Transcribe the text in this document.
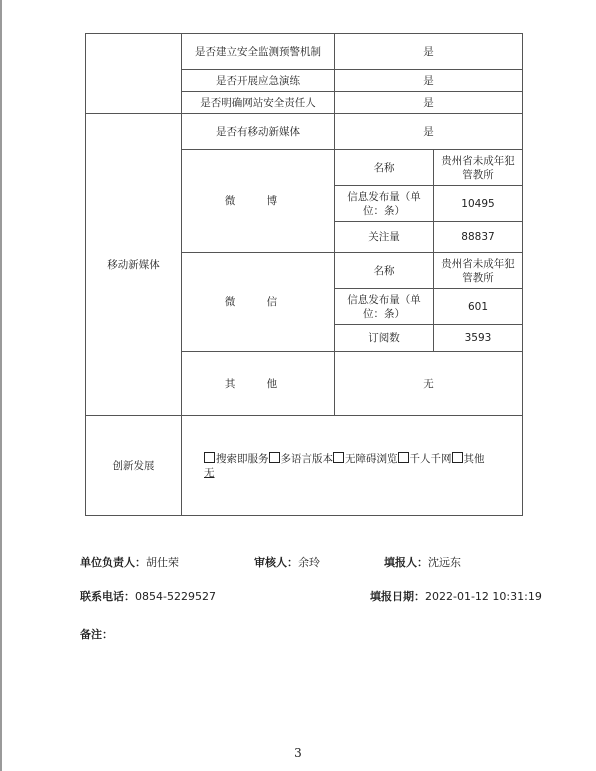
	是否建立安全监测预警机制	是	
	是否开展应急演练	是	
	是否明确网站安全责任人	是	
移动新媒体	是否有移动新媒体	是	
	微 博	名称	贵州省未成年犯管教所
		信息发布量（单位：条）	10495
		关注量	88837
	微 信	名称	贵州省未成年犯管教所
		信息发布量（单位：条）	601
		订阅数	3593
	其 他	无	
创新发展	搜索即服务 多语言版本 无障碍浏览 千人千网 其他
无		
单位负责人：胡仕荣	审核人：余玲	填报人：沈远东
联系电话：0854-5229527	填报日期：2022-01-12 10:31:19
备注：
3
